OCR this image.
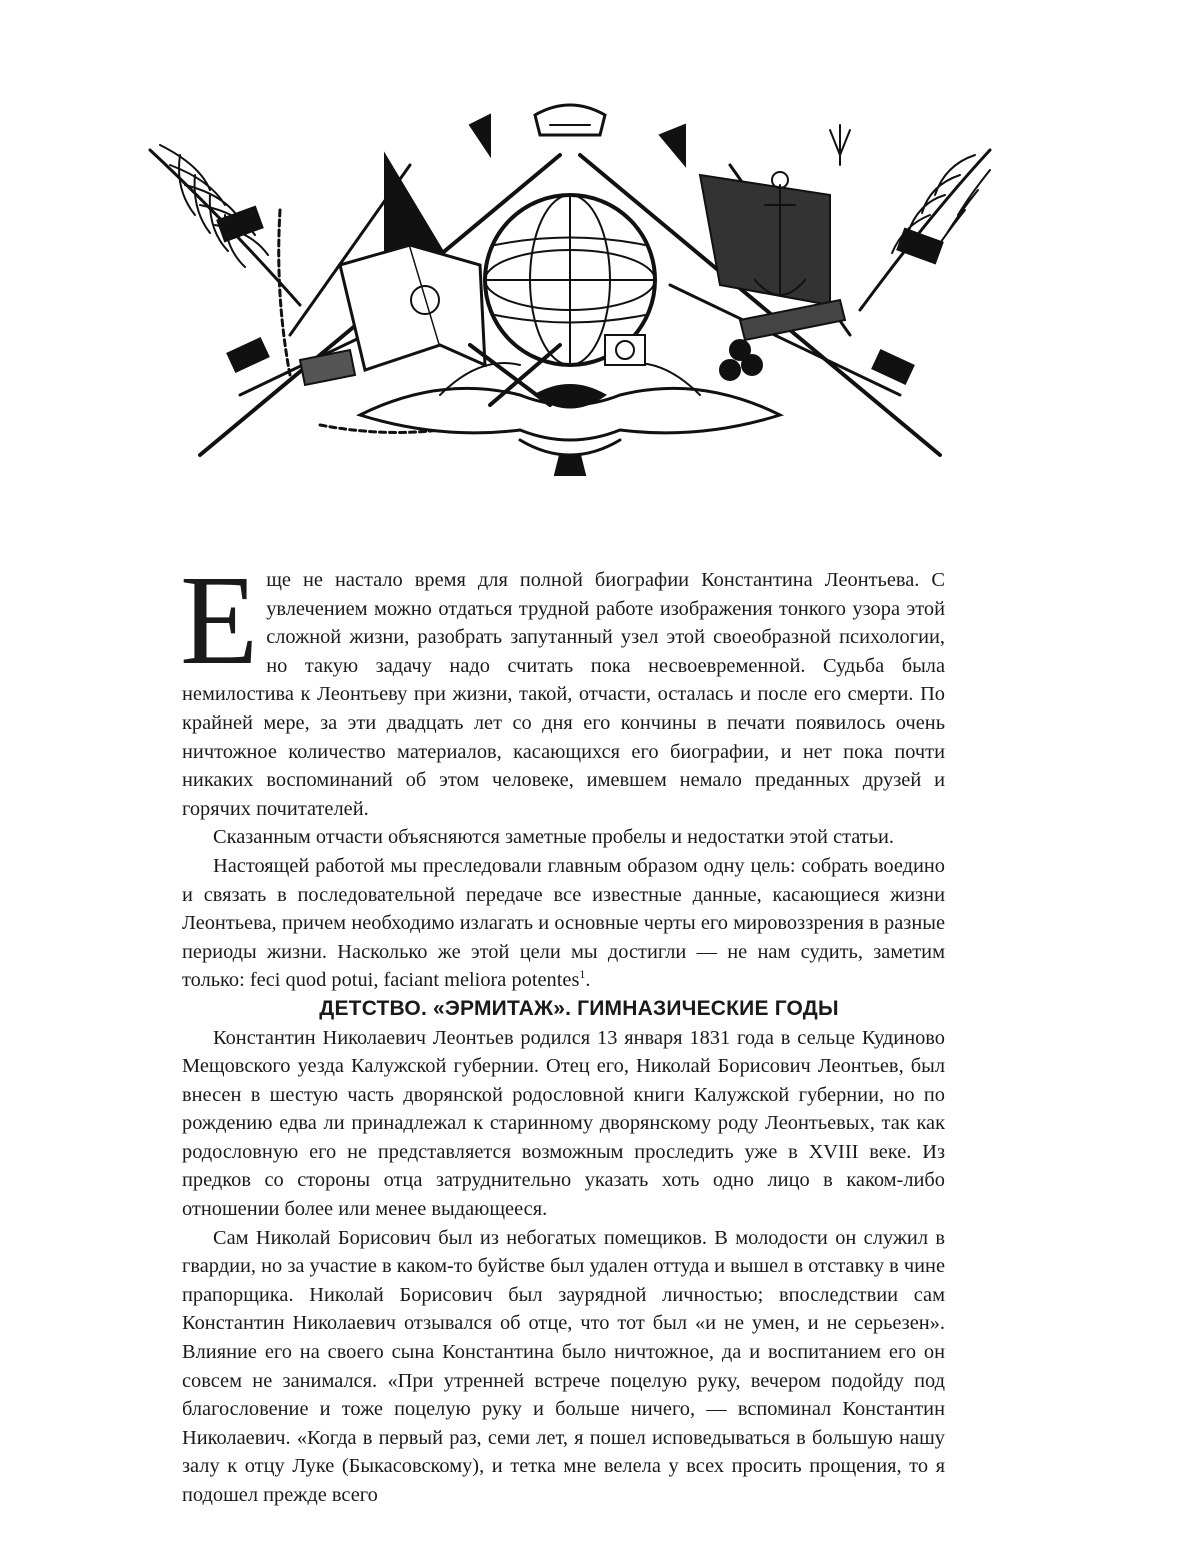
Еще не настало время для полной биографии Константина Леонтьева. С увлечением можно отдаться трудной работе изображения тонкого узора этой сложной жизни, разобрать запутанный узел этой своеобразной психологии, но такую задачу надо считать пока несвоевременной. Судьба была немилостива к Леонтьеву при жизни, такой, отчасти, осталась и после его смерти. По крайней мере, за эти двадцать лет со дня его кончины в печати появилось очень ничтожное количество материалов, касающихся его биографии, и нет пока почти никаких воспоминаний об этом человеке, имевшем немало преданных друзей и горячих почитателей.

Сказанным отчасти объясняются заметные пробелы и недостатки этой статьи.

Настоящей работой мы преследовали главным образом одну цель: собрать воедино и связать в последовательной передаче все известные данные, касающиеся жизни Леонтьева, причем необходимо излагать и основные черты его мировоззрения в разные периоды жизни. Насколько же этой цели мы достигли — не нам судить, заметим только: feci quod potui, faciant meliora potentes$^1$.

ДЕТСТВО. «ЭРМИТАЖ». ГИМНАЗИЧЕСКИЕ ГОДЫ

Константин Николаевич Леонтьев родился 13 января 1831 года в сельце Кудиново Мещовского уезда Калужской губернии. Отец его, Николай Борисович Леонтьев, был внесен в шестую часть дворянской родословной книги Калужской губернии, но по рождению едва ли принадлежал к старинному дворянскому роду Леонтьевых, так как родословную его не представляется возможным проследить уже в XVIII веке. Из предков со стороны отца затруднительно указать хоть одно лицо в каком-либо отношении более или менее выдающееся.

Сам Николай Борисович был из небогатых помещиков. В молодости он служил в гвардии, но за участие в каком-то буйстве был удален оттуда и вышел в отставку в чине прапорщика. Николай Борисович был заурядной личностью; впоследствии сам Константин Николаевич отзывался об отце, что тот был «и не умен, и не серьезен». Влияние его на своего сына Константина было ничтожное, да и воспитанием его он совсем не занимался. «При утренней встрече поцелую руку, вечером подойду под благословение и тоже поцелую руку и больше ничего, — вспоминал Константин Николаевич. «Когда в первый раз, семи лет, я пошел исповедываться в большую нашу залу к отцу Луке (Быкасовскому), и тетка мне велела у всех просить прощения, то я подошел прежде всего
